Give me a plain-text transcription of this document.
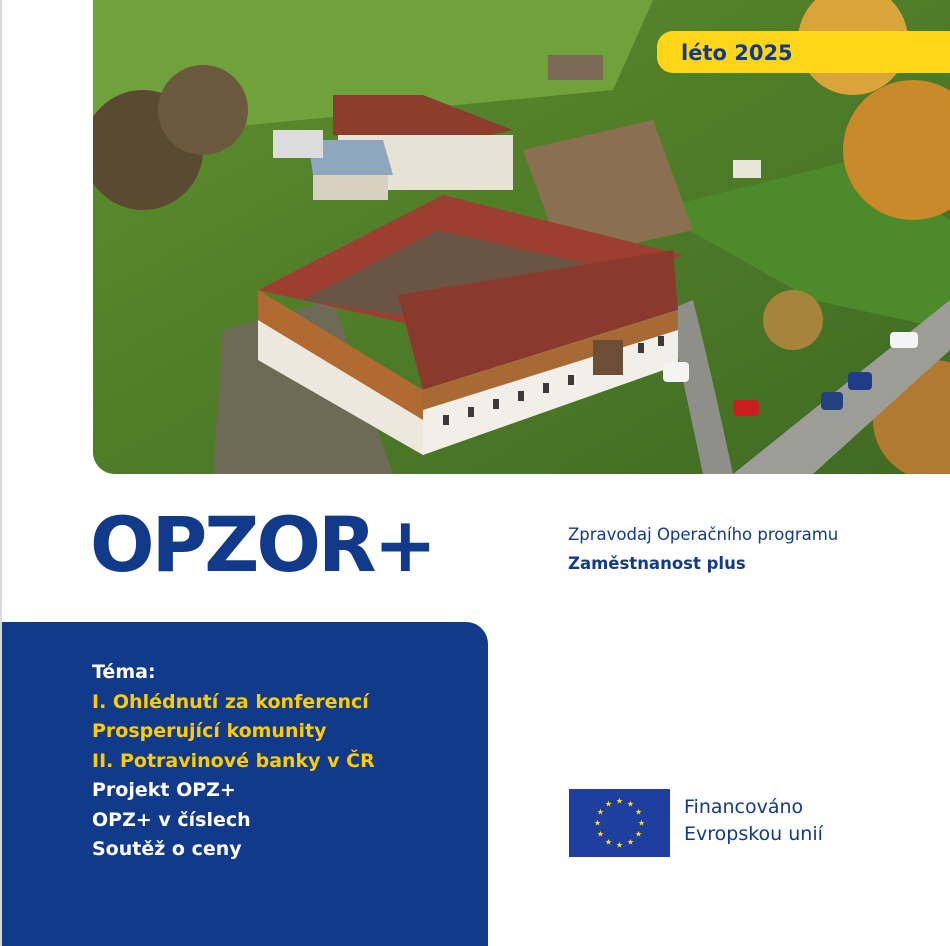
léto 2025
OPZOR+	Zpravodaj Operačního programu
Zaměstnanost plus
Téma:
I. Ohlédnutí za konferencí
Prosperující komunity
II. Potravinové banky v ČR
Projekt OPZ+
OPZ+ v číslech
Soutěž o ceny
Financováno
Evropskou unií
